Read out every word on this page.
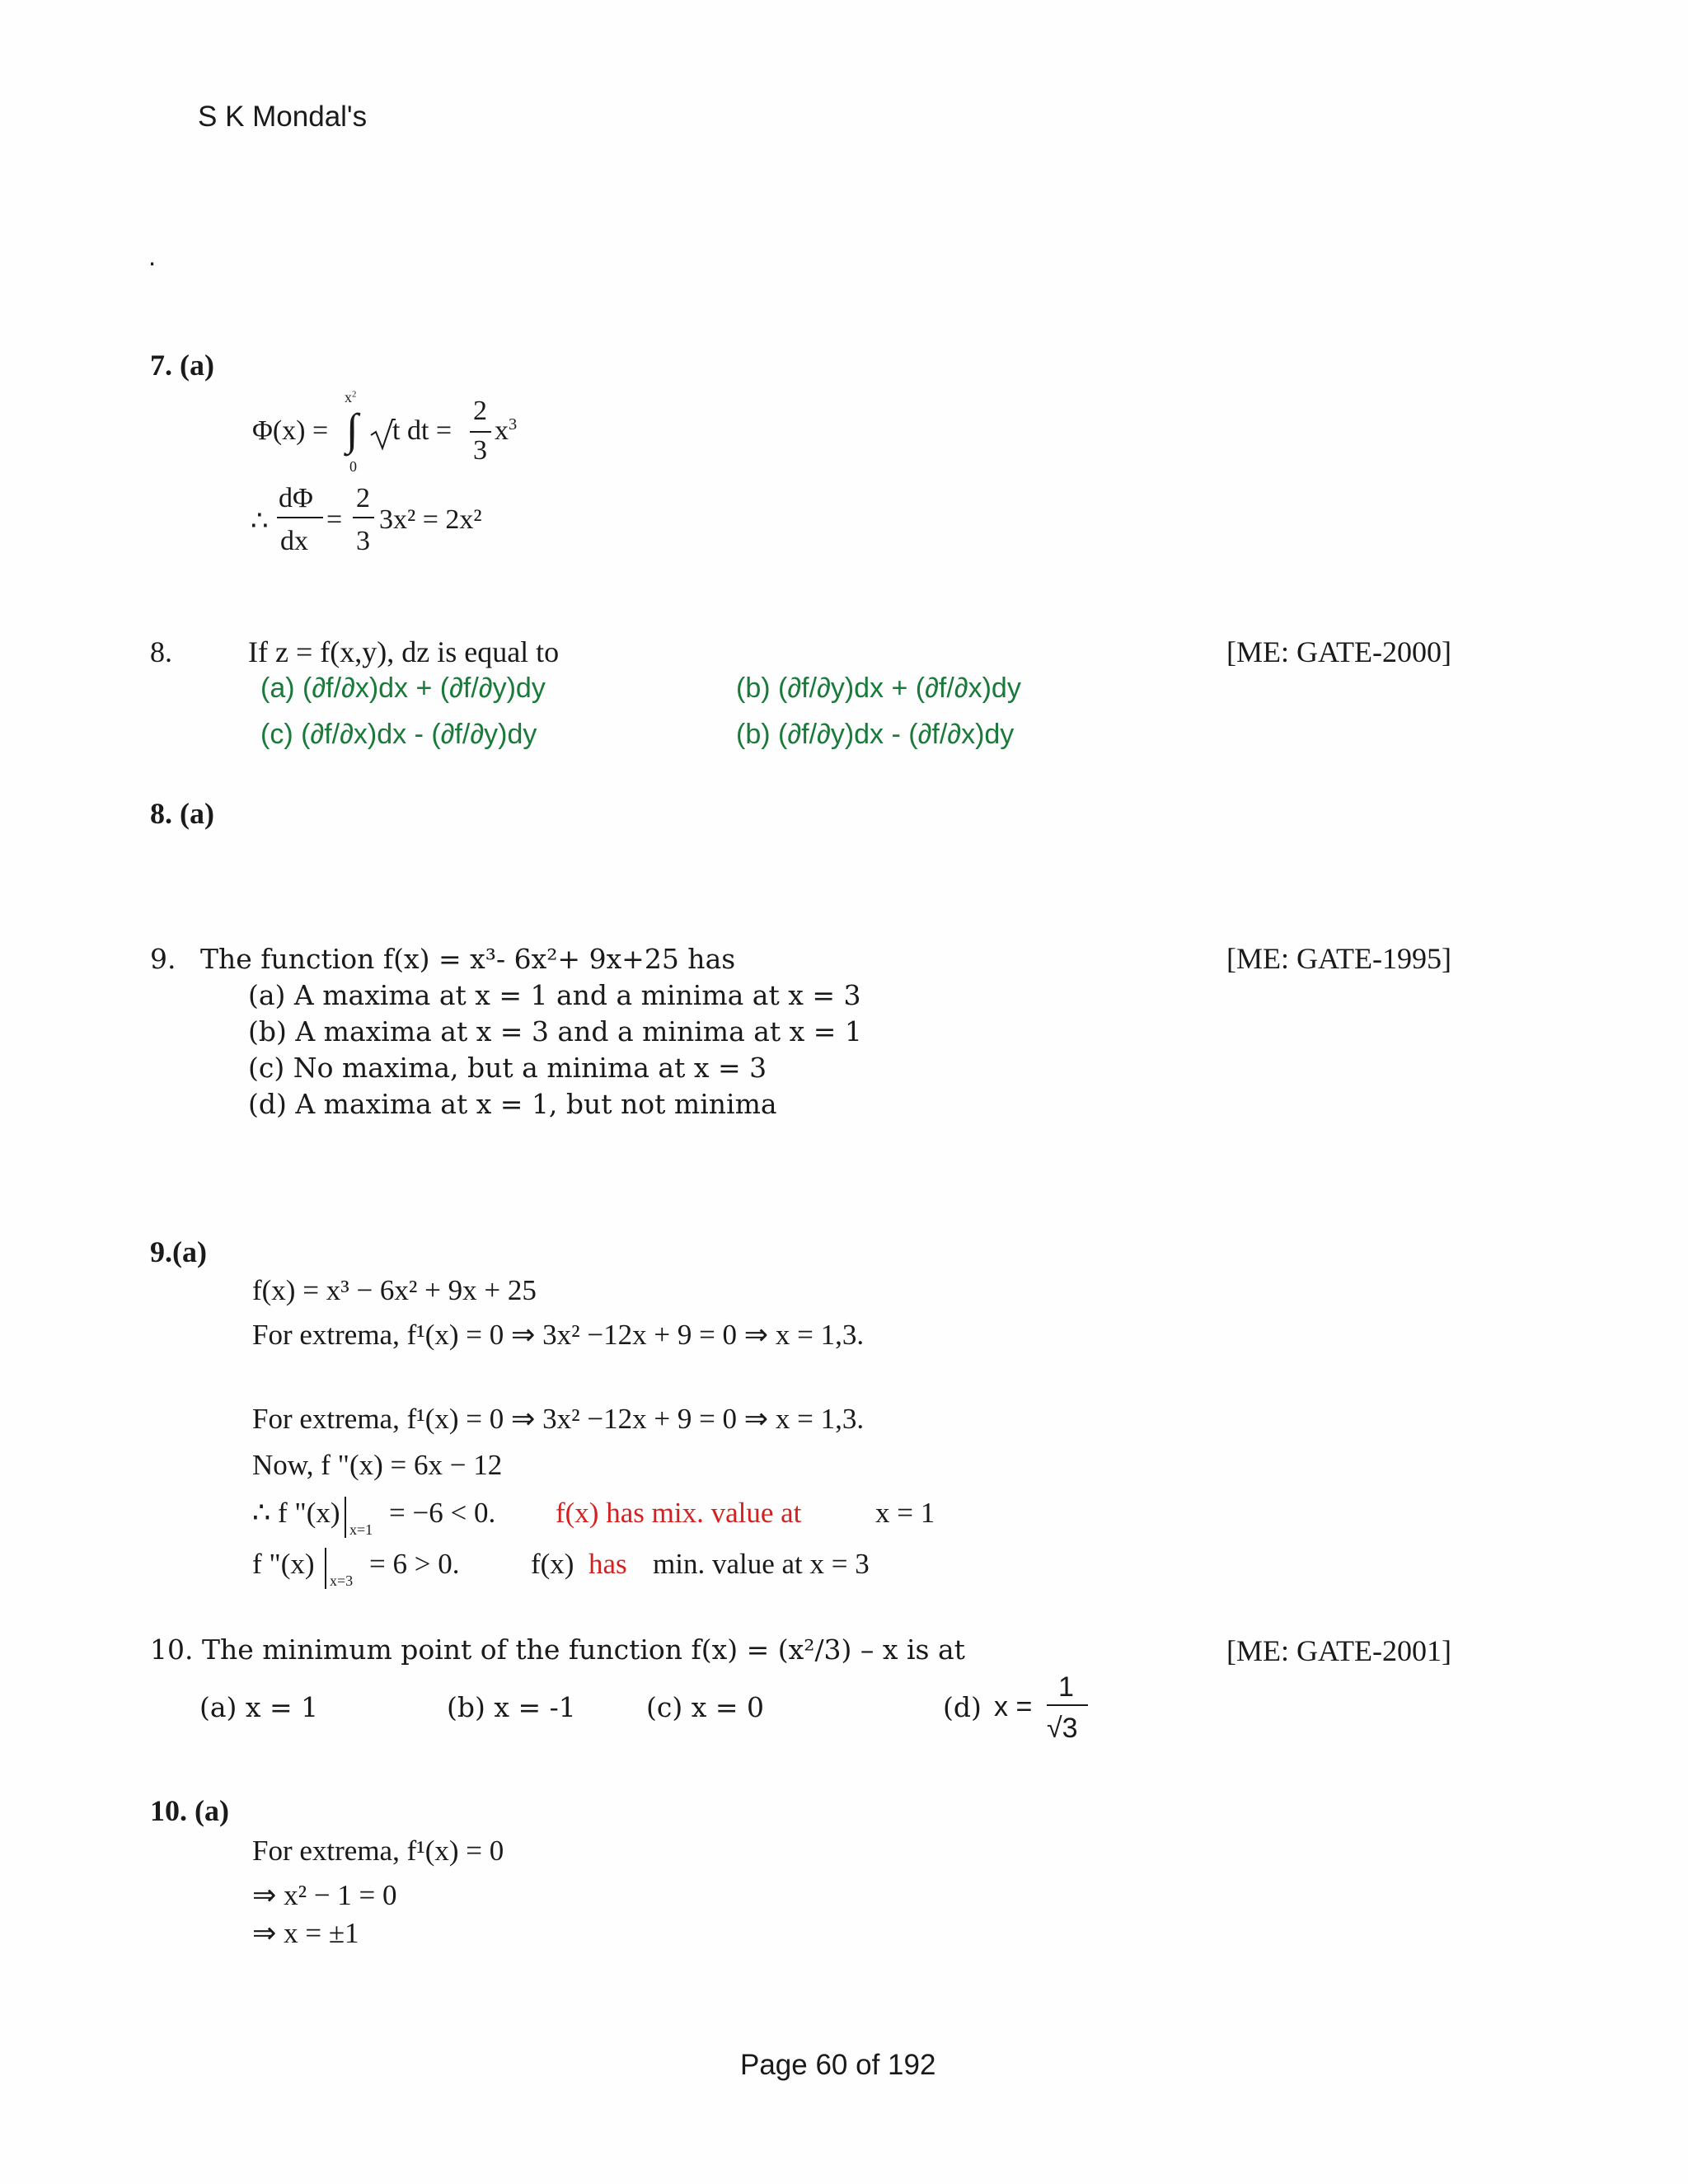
S K Mondal's
.
7. (a)
Φ(x) =
$x^2$
∫
0
t dt =
2
3
$x^3$
∴
dΦ
dx
=
2
3
3x² = 2x²
8.	If z = f(x,y), dz is equal to	[ME: GATE-2000]
(a) (∂f/∂x)dx + (∂f/∂y)dy	(b) (∂f/∂y)dx + (∂f/∂x)dy
(c) (∂f/∂x)dx - (∂f/∂y)dy	(b) (∂f/∂y)dx - (∂f/∂x)dy
8. (a)
9. The function f(x) = x³- 6x²+ 9x+25 has	[ME: GATE-1995]
(a) A maxima at x = 1 and a minima at x = 3
(b) A maxima at x = 3 and a minima at x = 1
(c) No maxima, but a minima at x = 3
(d) A maxima at x = 1, but not minima
9.(a)
f(x) = x³ − 6x² + 9x + 25
For extrema, f¹(x) = 0 ⇒ 3x² −12x + 9 = 0 ⇒ x = 1,3.
For extrema, f¹(x) = 0 ⇒ 3x² −12x + 9 = 0 ⇒ x = 1,3.
Now, f "(x) = 6x − 12
∴ f "(x)
x=1
= −6 < 0. f(x) has mix. value at	x = 1
f "(x)
x=3
= 6 > 0. f(x) has min. value at x = 3
10. The minimum point of the function f(x) = (x²/3) – x is at	[ME: GATE-2001]
(a) x = 1	(b) x = -1	(c) x = 0	(d) x =
1
√3
10. (a)
For extrema, f¹(x) = 0
⇒ x² − 1 = 0
⇒ x = ±1
Page 60 of 192
